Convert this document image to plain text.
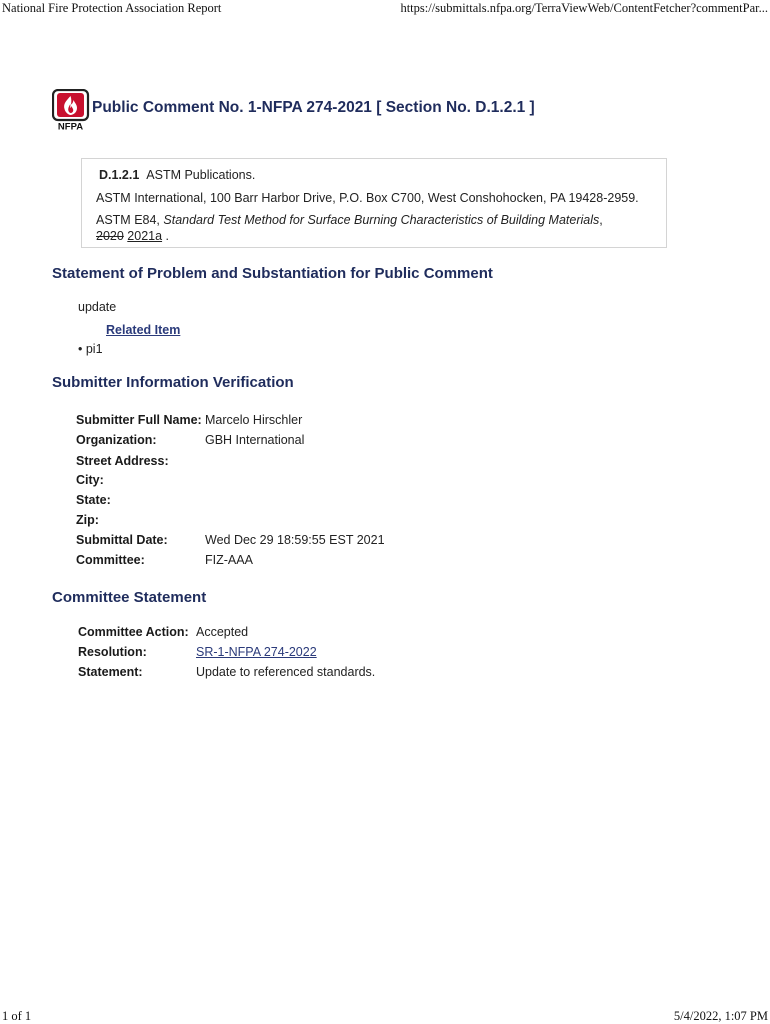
National Fire Protection Association Report	https://submittals.nfpa.org/TerraViewWeb/ContentFetcher?commentPar...
NFPA
Public Comment No. 1-NFPA 274-2021 [ Section No. D.1.2.1 ]
D.1.2.1 ASTM Publications.
ASTM International, 100 Barr Harbor Drive, P.O. Box C700, West Conshohocken, PA 19428-2959.
ASTM E84, Standard Test Method for Surface Burning Characteristics of Building Materials,
2020 2021a .
Statement of Problem and Substantiation for Public Comment
update
Related Item
• pi1
Submitter Information Verification
Submitter Full Name: Marcelo Hirschler
Organization:	GBH International
Street Address:
City:
State:
Zip:
Submittal Date:	Wed Dec 29 18:59:55 EST 2021
Committee:	FIZ-AAA
Committee Statement
Committee Action: Accepted
Resolution:	SR-1-NFPA 274-2022
Statement:	Update to referenced standards.
1 of 1	5/4/2022, 1:07 PM
